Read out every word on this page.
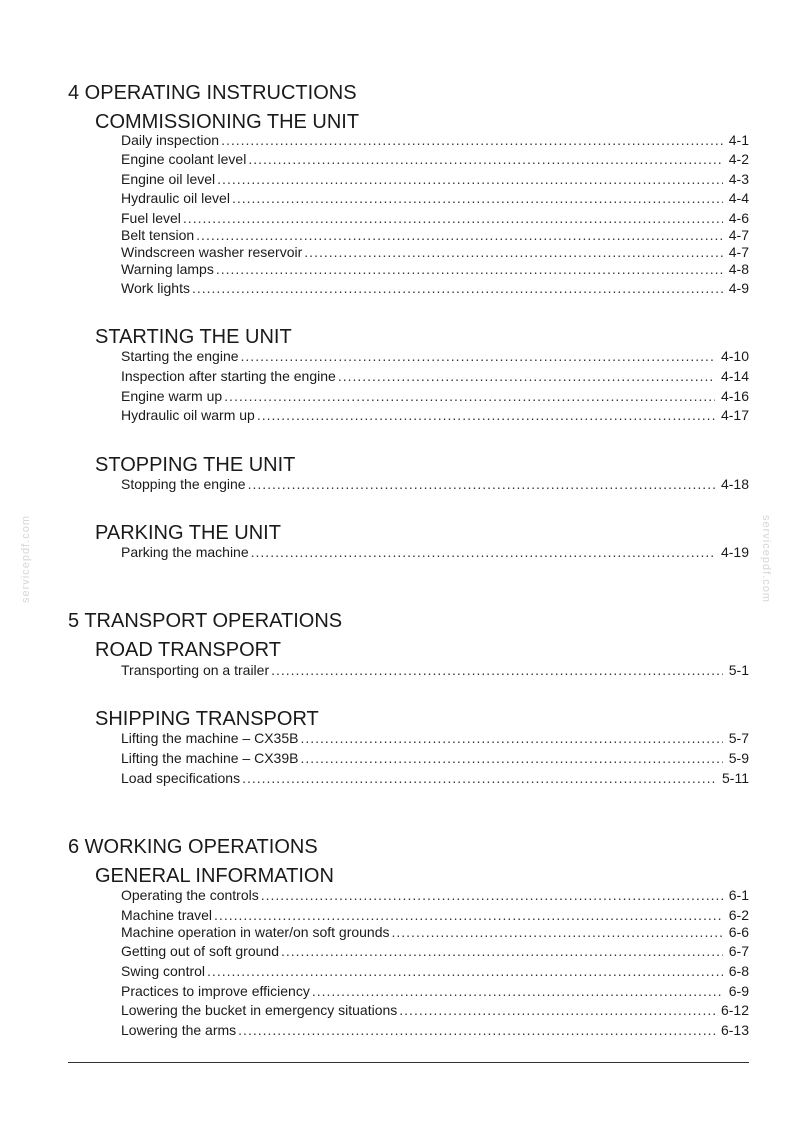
4 OPERATING INSTRUCTIONS
COMMISSIONING THE UNIT
Daily inspection .....	4-1
Engine coolant level .....	4-2
Engine oil level .....	4-3
Hydraulic oil level .....	4-4
Fuel level .....	4-6
Belt tension .....	4-7
Windscreen washer reservoir .....	4-7
Warning lamps .....	4-8
Work lights .....	4-9
STARTING THE UNIT
Starting the engine .....	4-10
Inspection after starting the engine .....	4-14
Engine warm up .....	4-16
Hydraulic oil warm up .....	4-17
STOPPING THE UNIT
Stopping the engine .....	4-18
PARKING THE UNIT
Parking the machine .....	4-19
5 TRANSPORT OPERATIONS
ROAD TRANSPORT
Transporting on a trailer .....	5-1
SHIPPING TRANSPORT
Lifting the machine – CX35B .....	5-7
Lifting the machine – CX39B .....	5-9
Load specifications .....	5-11
6 WORKING OPERATIONS
GENERAL INFORMATION
Operating the controls .....	6-1
Machine travel .....	6-2
Machine operation in water/on soft grounds .....	6-6
Getting out of soft ground .....	6-7
Swing control .....	6-8
Practices to improve efficiency .....	6-9
Lowering the bucket in emergency situations .....	6-12
Lowering the arms .....	6-13
servicepdf.com	servicepdf.com
